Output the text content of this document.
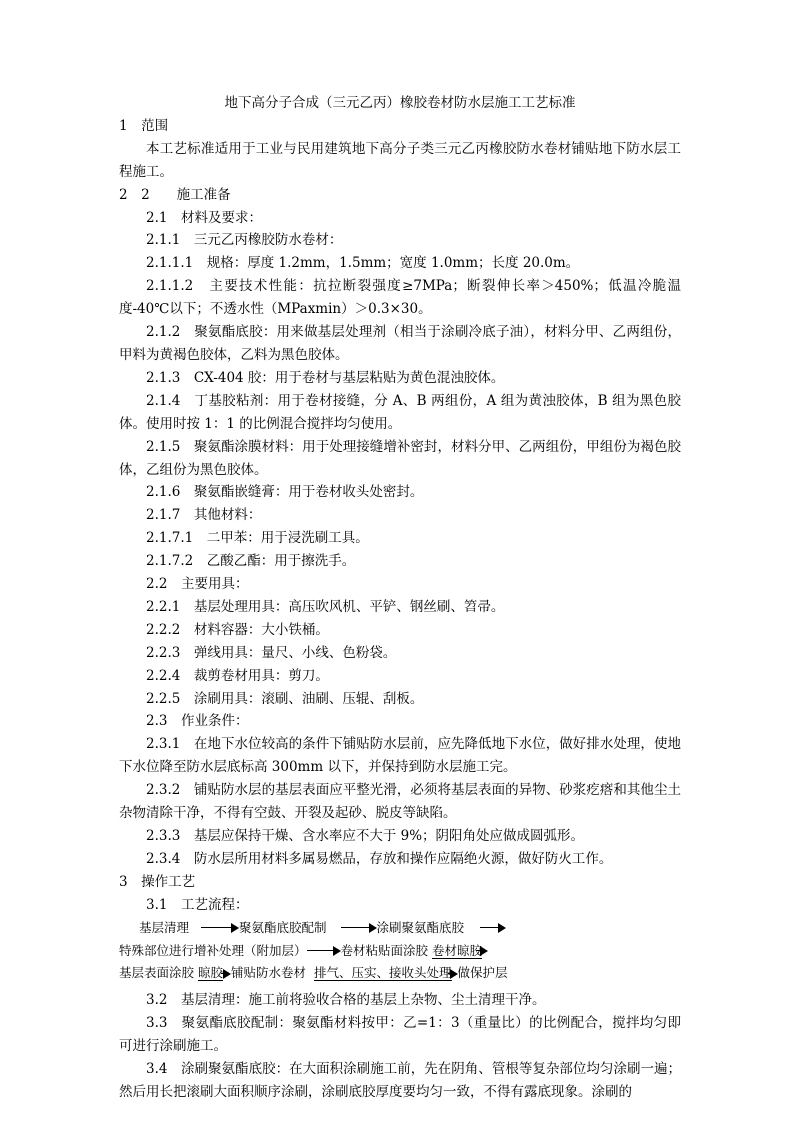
地下高分子合成（三元乙丙）橡胶卷材防水层施工工艺标准

1　范围

本工艺标准适用于工业与民用建筑地下高分子类三元乙丙橡胶防水卷材铺贴地下防水层工程施工。

2　2　　施工准备

2.1　材料及要求：

2.1.1　三元乙丙橡胶防水卷材：

2.1.1.1　规格：厚度 1.2mm，1.5mm；宽度 1.0mm；长度 20.0m。

2.1.1.2　主要技术性能：抗拉断裂强度≥7MPa；断裂伸长率＞450%；低温冷脆温度-40℃以下；不透水性（MPaxmin）＞0.3×30。

2.1.2　聚氨酯底胶：用来做基层处理剂（相当于涂刷冷底子油），材料分甲、乙两组份，甲料为黄褐色胶体，乙料为黑色胶体。

2.1.3　CX-404 胶：用于卷材与基层粘贴为黄色混浊胶体。

2.1.4　丁基胶粘剂：用于卷材接缝，分 A、B 两组份，A 组为黄浊胶体，B 组为黑色胶体。使用时按 1：1 的比例混合搅拌均匀使用。

2.1.5　聚氨酯涂膜材料：用于处理接缝增补密封，材料分甲、乙两组份，甲组份为褐色胶体，乙组份为黑色胶体。

2.1.6　聚氨酯嵌缝膏：用于卷材收头处密封。

2.1.7　其他材料：

2.1.7.1　二甲苯：用于浸洗刷工具。

2.1.7.2　乙酸乙酯：用于擦洗手。

2.2　主要用具：

2.2.1　基层处理用具：高压吹风机、平铲、钢丝刷、笤帚。

2.2.2　材料容器：大小铁桶。

2.2.3　弹线用具：量尺、小线、色粉袋。

2.2.4　裁剪卷材用具：剪刀。

2.2.5　涂刷用具：滚刷、油刷、压辊、刮板。

2.3　作业条件：

2.3.1　在地下水位较高的条件下铺贴防水层前，应先降低地下水位，做好排水处理，使地下水位降至防水层底标高 300mm 以下，并保持到防水层施工完。

2.3.2　铺贴防水层的基层表面应平整光滑，必须将基层表面的异物、砂浆疙瘩和其他尘土杂物清除干净，不得有空鼓、开裂及起砂、脱皮等缺陷。

2.3.3　基层应保持干燥、含水率应不大于 9%；阴阳角处应做成圆弧形。

2.3.4　防水层所用材料多属易燃品，存放和操作应隔绝火源，做好防火工作。

3　操作工艺

3.1　工艺流程：

基层清理	聚氨酯底胶配制	涂刷聚氨酯底胶
特殊部位进行增补处理（附加层）	卷材粘贴面涂胶 卷材晾胶
基层表面涂胶 晾胶 铺贴防水卷材 排气、压实、接收头处理 做保护层

3.2　基层清理：施工前将验收合格的基层上杂物、尘土清理干净。

3.3　聚氨酯底胶配制：聚氨酯材料按甲：乙=1：3（重量比）的比例配合，搅拌均匀即可进行涂刷施工。

3.4　涂刷聚氨酯底胶：在大面积涂刷施工前，先在阴角、管根等复杂部位均匀涂刷一遍；然后用长把滚刷大面积顺序涂刷，涂刷底胶厚度要均匀一致，不得有露底现象。涂刷的
